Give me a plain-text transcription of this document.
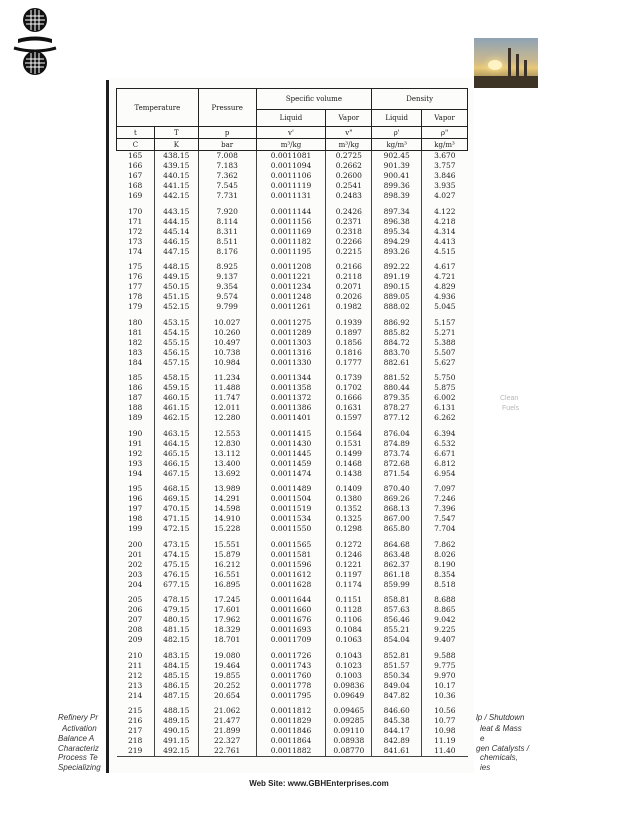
Clean
Fuels
Refinery Pr
Activation
Balance A
Characteriz
Process Te
Specializing
lp / Shutdown
leat & Mass
e
gen Catalysts /
chemicals,
ies
Temperature		Pressure	Specific volume		Density	
			Liquid	Vapor	Liquid	Vapor
t	T	p	v'	v"	ρ'	ρ"
C	K	bar	m³/kg	m³/kg	kg/m³	kg/m³
165	438.15	7.008	0.0011081	0.2725	902.45	3.670
166	439.15	7.183	0.0011094	0.2662	901.39	3.757
167	440.15	7.362	0.0011106	0.2600	900.41	3.846
168	441.15	7.545	0.0011119	0.2541	899.36	3.935
169	442.15	7.731	0.0011131	0.2483	898.39	4.027

170	443.15	7.920	0.0011144	0.2426	897.34	4.122
171	444.15	8.114	0.0011156	0.2371	896.38	4.218
172	445.14	8.311	0.0011169	0.2318	895.34	4.314
173	446.15	8.511	0.0011182	0.2266	894.29	4.413
174	447.15	8.176	0.0011195	0.2215	893.26	4.515

175	448.15	8.925	0.0011208	0.2166	892.22	4.617
176	449.15	9.137	0.0011221	0.2118	891.19	4.721
177	450.15	9.354	0.0011234	0.2071	890.15	4.829
178	451.15	9.574	0.0011248	0.2026	889.05	4.936
179	452.15	9.799	0.0011261	0.1982	888.02	5.045

180	453.15	10.027	0.0011275	0.1939	886.92	5.157
181	454.15	10.260	0.0011289	0.1897	885.82	5.271
182	455.15	10.497	0.0011303	0.1856	884.72	5.388
183	456.15	10.738	0.0011316	0.1816	883.70	5.507
184	457.15	10.984	0.0011330	0.1777	882.61	5.627

185	458.15	11.234	0.0011344	0.1739	881.52	5.750
186	459.15	11.488	0.0011358	0.1702	880.44	5.875
187	460.15	11.747	0.0011372	0.1666	879.35	6.002
188	461.15	12.011	0.0011386	0.1631	878.27	6.131
189	462.15	12.280	0.0011401	0.1597	877.12	6.262

190	463.15	12.553	0.0011415	0.1564	876.04	6.394
191	464.15	12.830	0.0011430	0.1531	874.89	6.532
192	465.15	13.112	0.0011445	0.1499	873.74	6.671
193	466.15	13.400	0.0011459	0.1468	872.68	6.812
194	467.15	13.692	0.0011474	0.1438	871.54	6.954

195	468.15	13.989	0.0011489	0.1409	870.40	7.097
196	469.15	14.291	0.0011504	0.1380	869.26	7.246
197	470.15	14.598	0.0011519	0.1352	868.13	7.396
198	471.15	14.910	0.0011534	0.1325	867.00	7.547
199	472.15	15.228	0.0011550	0.1298	865.80	7.704

200	473.15	15.551	0.0011565	0.1272	864.68	7.862
201	474.15	15.879	0.0011581	0.1246	863.48	8.026
202	475.15	16.212	0.0011596	0.1221	862.37	8.190
203	476.15	16.551	0.0011612	0.1197	861.18	8.354
204	677.15	16.895	0.0011628	0.1174	859.99	8.518

205	478.15	17.245	0.0011644	0.1151	858.81	8.688
206	479.15	17.601	0.0011660	0.1128	857.63	8.865
207	480.15	17.962	0.0011676	0.1106	856.46	9.042
208	481.15	18.329	0.0011693	0.1084	855.21	9.225
209	482.15	18.701	0.0011709	0.1063	854.04	9.407

210	483.15	19.080	0.0011726	0.1043	852.81	9.588
211	484.15	19.464	0.0011743	0.1023	851.57	9.775
212	485.15	19.855	0.0011760	0.1003	850.34	9.970
213	486.15	20.252	0.0011778	0.09836	849.04	10.17
214	487.15	20.654	0.0011795	0.09649	847.82	10.36

215	488.15	21.062	0.0011812	0.09465	846.60	10.56
216	489.15	21.477	0.0011829	0.09285	845.38	10.77
217	490.15	21.899	0.0011846	0.09110	844.17	10.98
218	491.15	22.327	0.0011864	0.08938	842.89	11.19
219	492.15	22.761	0.0011882	0.08770	841.61	11.40
Web Site: www.GBHEnterprises.com
